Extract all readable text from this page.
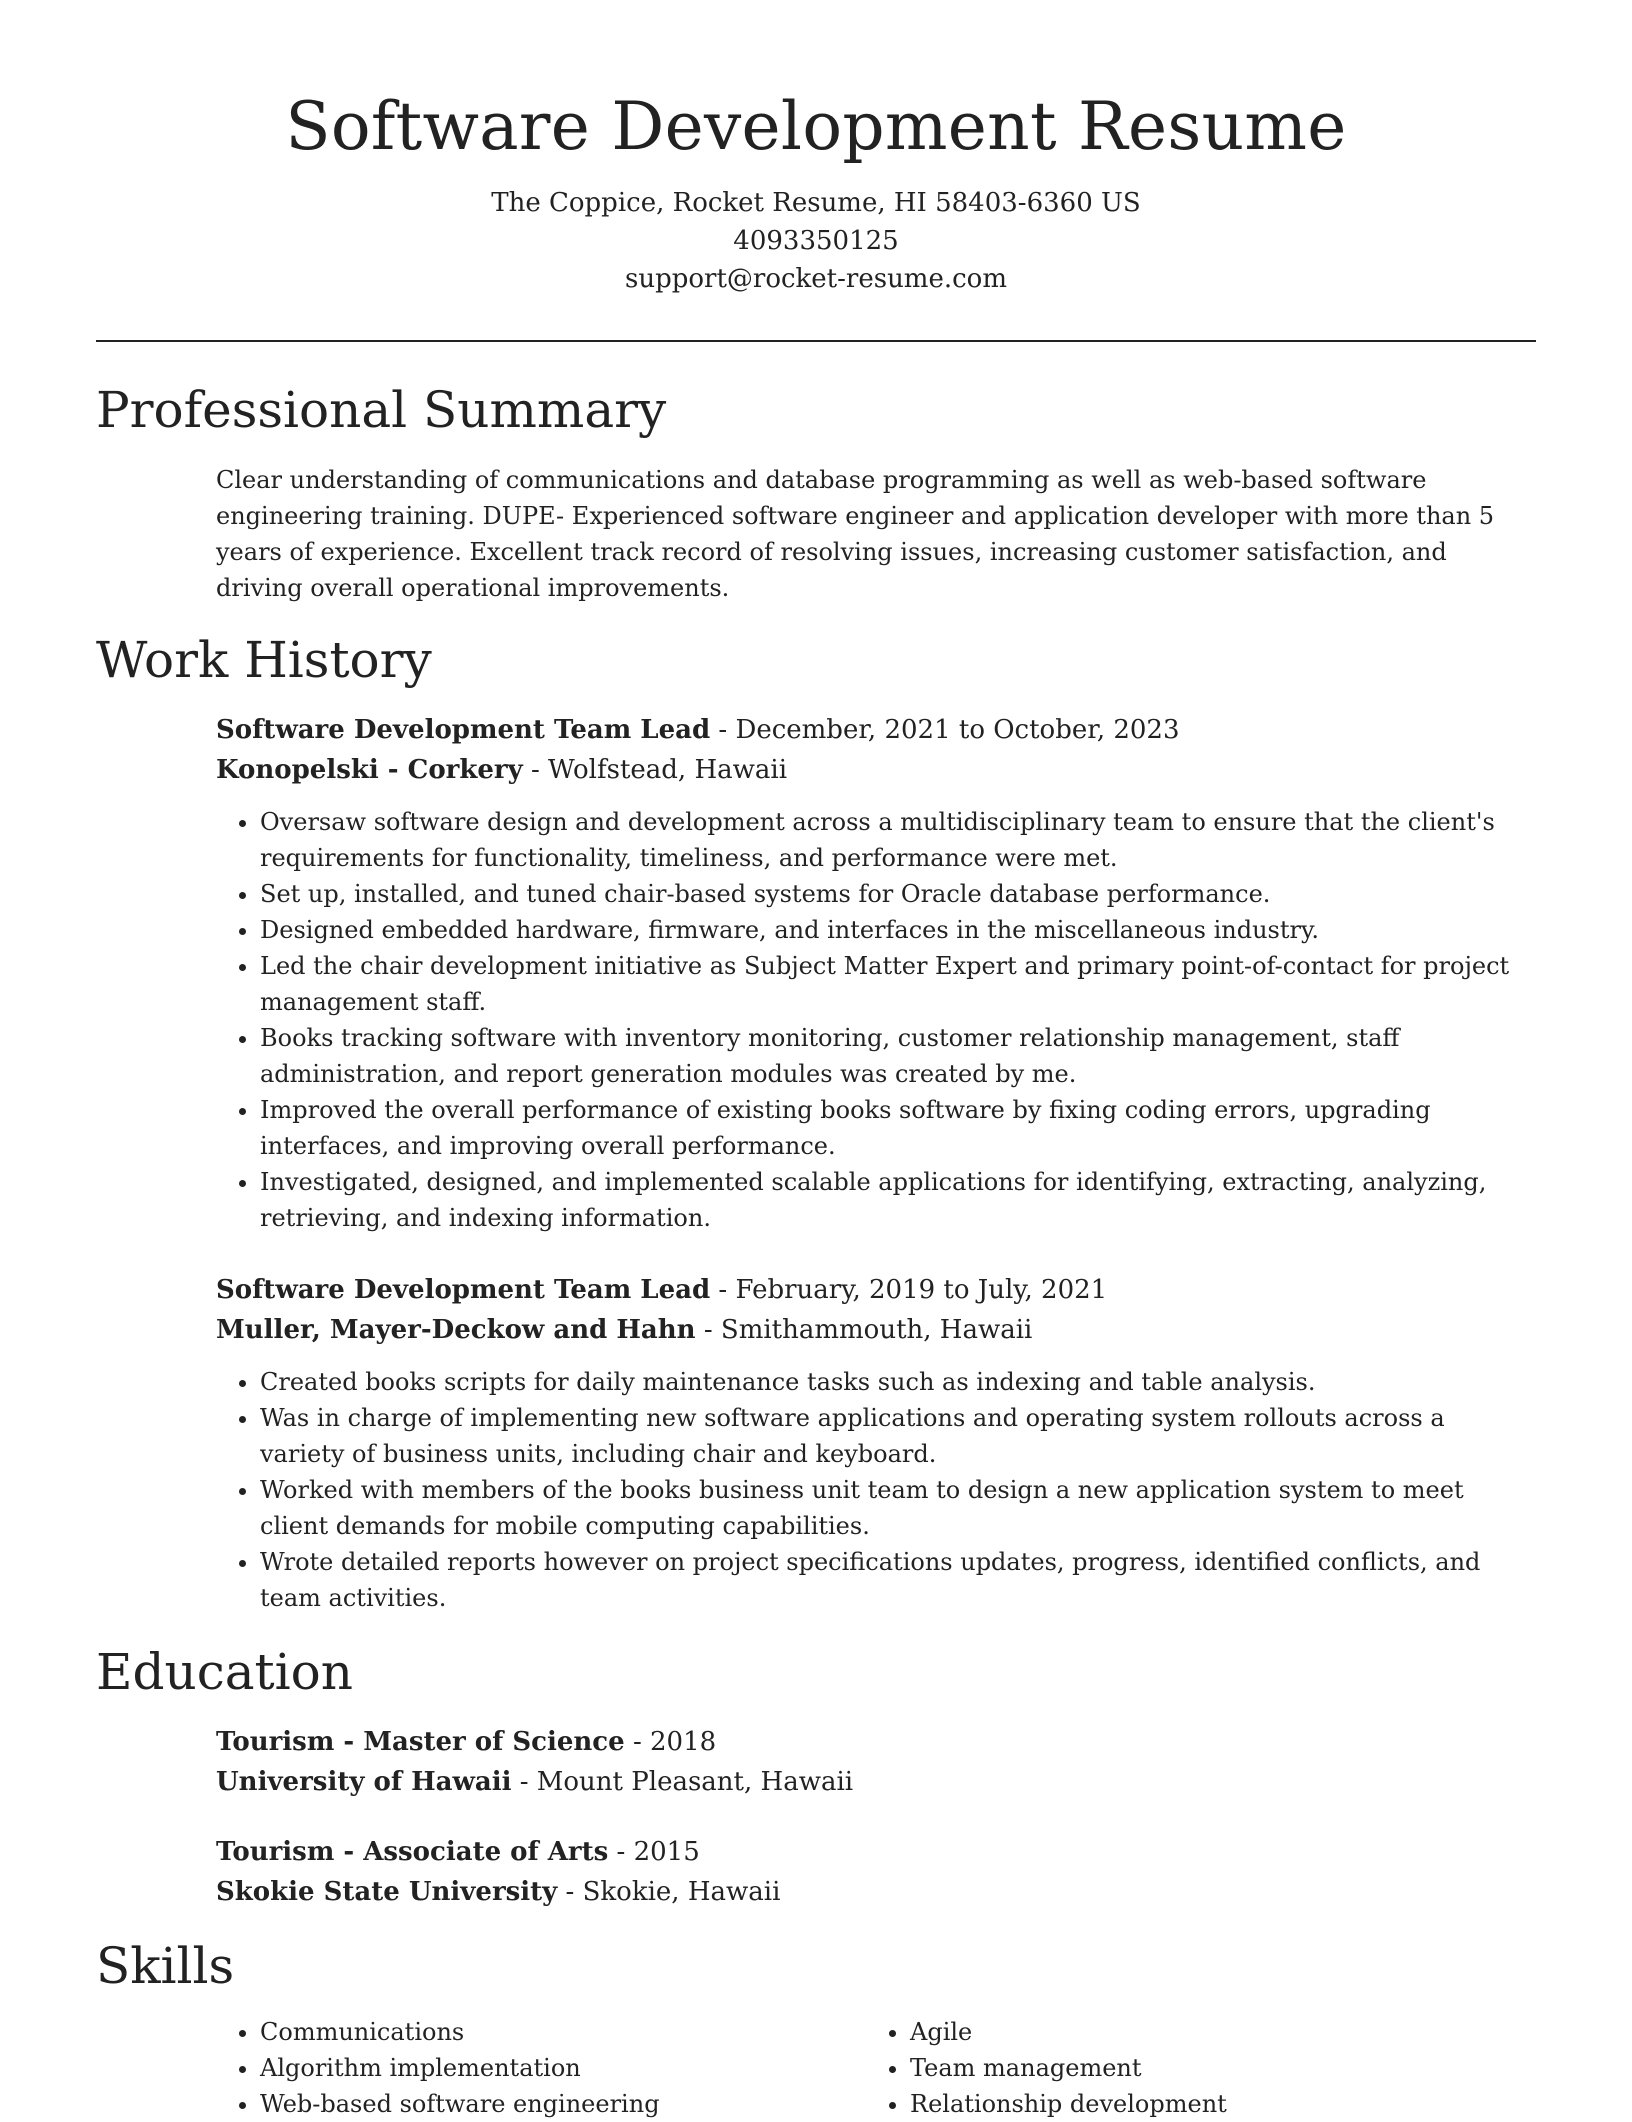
Software Development Resume
The Coppice, Rocket Resume, HI 58403-6360 US
4093350125
support@rocket-resume.com
Professional Summary

Clear understanding of communications and database programming as well as web-based software engineering training. DUPE- Experienced software engineer and application developer with more than 5 years of experience. Excellent track record of resolving issues, increasing customer satisfaction, and driving overall operational improvements.

Work History
Software Development Team Lead - December, 2021 to October, 2023
Konopelski - Corkery - Wolfstead, Hawaii
• Oversaw software design and development across a multidisciplinary team to ensure that the client's requirements for functionality, timeliness, and performance were met.
• Set up, installed, and tuned chair-based systems for Oracle database performance.
• Designed embedded hardware, firmware, and interfaces in the miscellaneous industry.
• Led the chair development initiative as Subject Matter Expert and primary point-of-contact for project management staff.
• Books tracking software with inventory monitoring, customer relationship management, staff administration, and report generation modules was created by me.
• Improved the overall performance of existing books software by fixing coding errors, upgrading interfaces, and improving overall performance.
• Investigated, designed, and implemented scalable applications for identifying, extracting, analyzing, retrieving, and indexing information.
Software Development Team Lead - February, 2019 to July, 2021
Muller, Mayer-Deckow and Hahn - Smithammouth, Hawaii
• Created books scripts for daily maintenance tasks such as indexing and table analysis.
• Was in charge of implementing new software applications and operating system rollouts across a variety of business units, including chair and keyboard.
• Worked with members of the books business unit team to design a new application system to meet client demands for mobile computing capabilities.
• Wrote detailed reports however on project specifications updates, progress, identified conflicts, and team activities.
Education
Tourism - Master of Science - 2018
University of Hawaii - Mount Pleasant, Hawaii
Tourism - Associate of Arts - 2015
Skokie State University - Skokie, Hawaii
Skills
• Communications
• Algorithm implementation
• Web-based software engineering
• Agile
• Team management
• Relationship development
